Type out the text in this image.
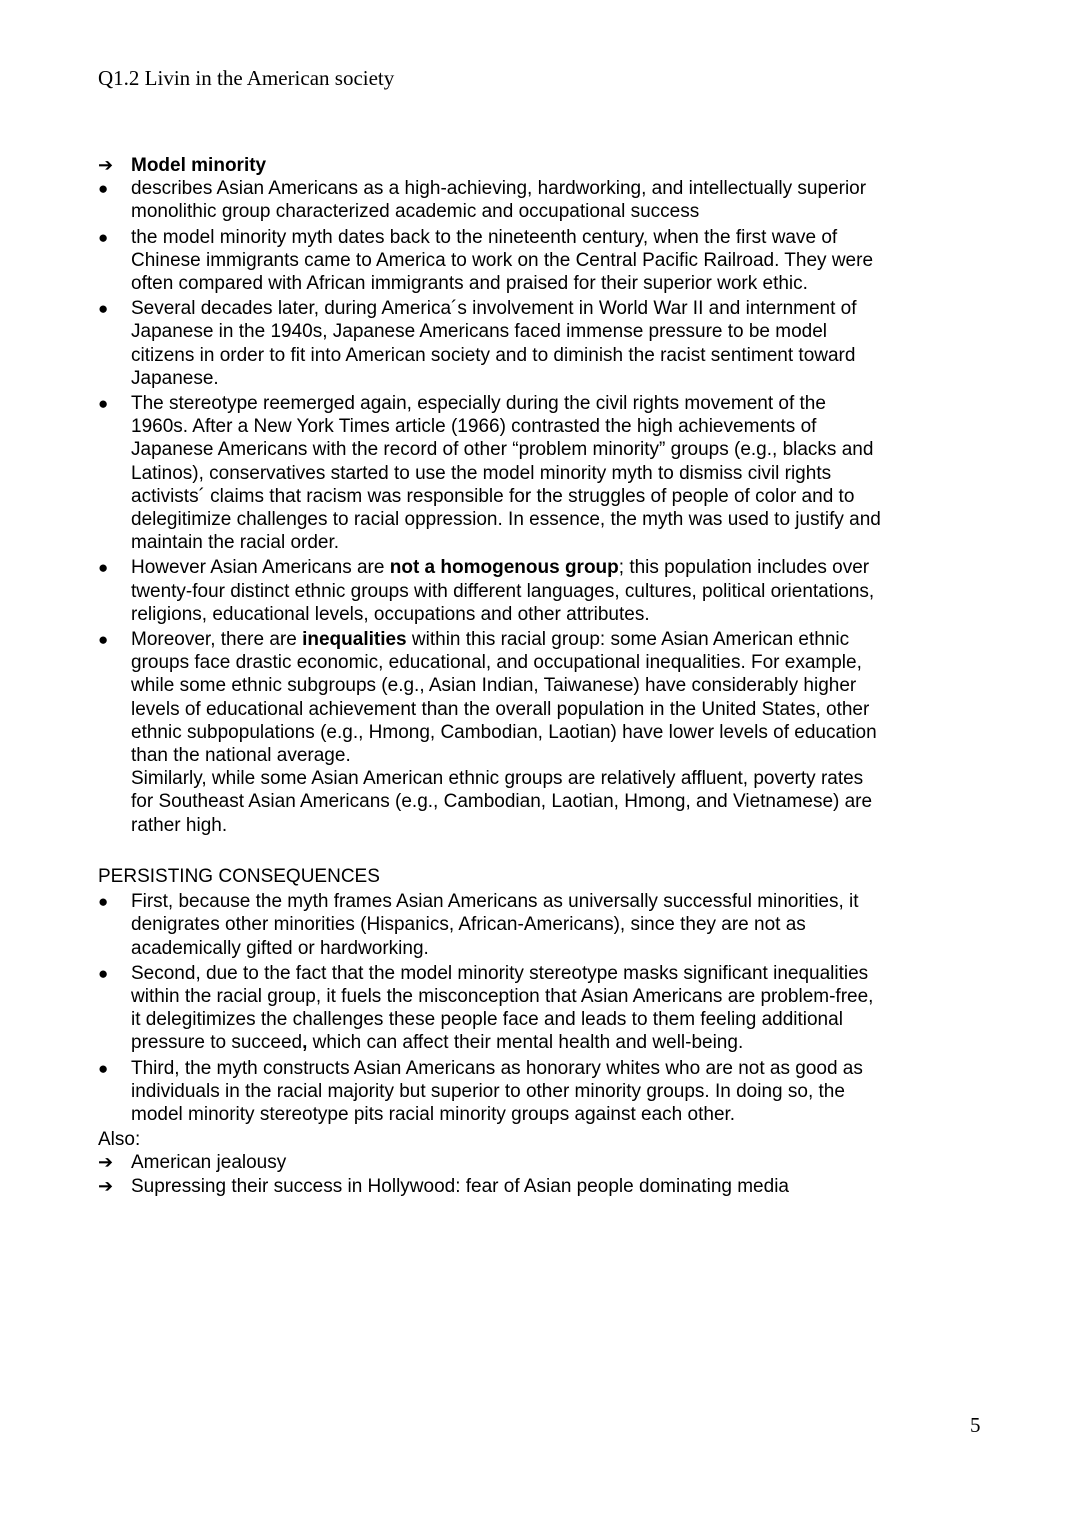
Q1.2 Livin in the American society
➔ Model minority
● describes Asian Americans as a high-achieving, hardworking, and intellectually superior monolithic group characterized academic and occupational success
● the model minority myth dates back to the nineteenth century, when the first wave of Chinese immigrants came to America to work on the Central Pacific Railroad. They were often compared with African immigrants and praised for their superior work ethic.
● Several decades later, during America´s involvement in World War II and internment of Japanese in the 1940s, Japanese Americans faced immense pressure to be model citizens in order to fit into American society and to diminish the racist sentiment toward Japanese.
● The stereotype reemerged again, especially during the civil rights movement of the 1960s. After a New York Times article (1966) contrasted the high achievements of Japanese Americans with the record of other “problem minority” groups (e.g., blacks and Latinos), conservatives started to use the model minority myth to dismiss civil rights activists´ claims that racism was responsible for the struggles of people of color and to delegitimize challenges to racial oppression. In essence, the myth was used to justify and maintain the racial order.
● However Asian Americans are not a homogenous group; this population includes over twenty-four distinct ethnic groups with different languages, cultures, political orientations, religions, educational levels, occupations and other attributes.
● Moreover, there are inequalities within this racial group: some Asian American ethnic groups face drastic economic, educational, and occupational inequalities. For example, while some ethnic subgroups (e.g., Asian Indian, Taiwanese) have considerably higher levels of educational achievement than the overall population in the United States, other ethnic subpopulations (e.g., Hmong, Cambodian, Laotian) have lower levels of education than the national average.
Similarly, while some Asian American ethnic groups are relatively affluent, poverty rates for Southeast Asian Americans (e.g., Cambodian, Laotian, Hmong, and Vietnamese) are rather high.
PERSISTING CONSEQUENCES
● First, because the myth frames Asian Americans as universally successful minorities, it denigrates other minorities (Hispanics, African-Americans), since they are not as academically gifted or hardworking.
● Second, due to the fact that the model minority stereotype masks significant inequalities within the racial group, it fuels the misconception that Asian Americans are problem-free, it delegitimizes the challenges these people face and leads to them feeling additional pressure to succeed, which can affect their mental health and well-being.
● Third, the myth constructs Asian Americans as honorary whites who are not as good as individuals in the racial majority but superior to other minority groups. In doing so, the model minority stereotype pits racial minority groups against each other.
Also:
➔ American jealousy
➔ Supressing their success in Hollywood: fear of Asian people dominating media
5
